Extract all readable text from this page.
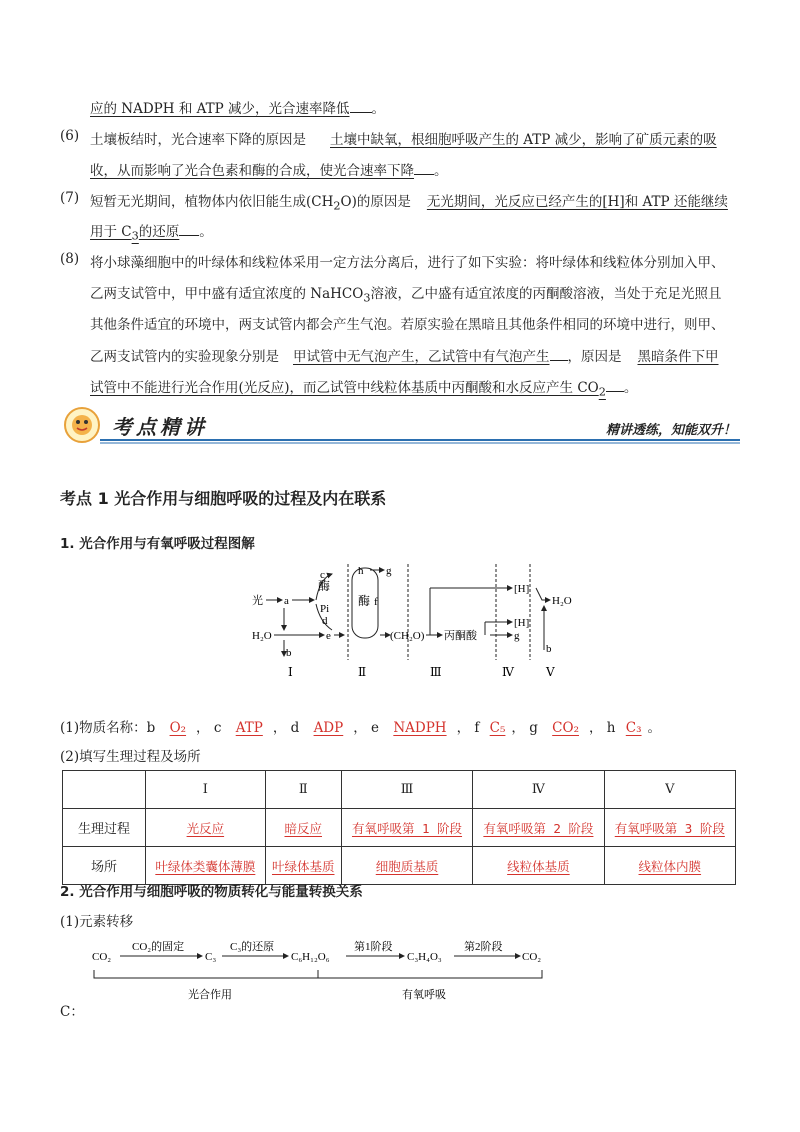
应的 NADPH 和 ATP 减少，光合速率降低 。
(6) 土壤板结时，光合速率下降的原因是 土壤中缺氧，根细胞呼吸产生的 ATP 减少，影响了矿质元素的吸
收，从而影响了光合色素和酶的合成，使光合速率下降 。
(7) 短暂无光期间，植物体内依旧能生成$(CH_2O)$的原因是 无光期间，光反应已经产生的[H]和 ATP 还能继续
用于 $C_3$的还原 。
(8) 将小球藻细胞中的叶绿体和线粒体采用一定方法分离后，进行了如下实验：将叶绿体和线粒体分别加入甲、
乙两支试管中，甲中盛有适宜浓度的 NaHCO$_3$溶液，乙中盛有适宜浓度的丙酮酸溶液，当处于充足光照且
其他条件适宜的环境中，两支试管内都会产生气泡。若原实验在黑暗且其他条件相同的环境中进行，则甲、
乙两支试管内的实验现象分别是 甲试管中无气泡产生，乙试管中有气泡产生 ，原因是 黑暗条件下甲
试管中不能进行光合作用(光反应)，而乙试管中线粒体基质中丙酮酸和水反应产生 $CO_2$ 。
考点精讲	精讲透练，知能双升！
考点 1 光合作用与细胞呼吸的过程及内在联系
1. 光合作用与有氧呼吸过程图解
光 a
c
酶
Pi
d
H₂O	e
b
h g
酶 f
(CH₂O) 丙酮酸
[H]
[H]
g
H₂O
b
Ⅰ	Ⅱ	Ⅲ	Ⅳ	Ⅴ
(1)物质名称：b O₂ ， c ATP ， d ADP ， e NADPH ， f C₅ ， g CO₂ ， h C₃ 。
(2)填写生理过程及场所
	Ⅰ	Ⅱ	Ⅲ	Ⅳ	Ⅴ
生理过程	光反应	暗反应	有氧呼吸第 1 阶段	有氧呼吸第 2 阶段	有氧呼吸第 3 阶段
场所	叶绿体类囊体薄膜	叶绿体基质	细胞质基质	线粒体基质	线粒体内膜
2. 光合作用与细胞呼吸的物质转化与能量转换关系
(1)元素转移
CO₂
CO₂的固定
C₃
C₃的还原
C₆H₁₂O₆
第1阶段
C₃H₄O₃
第2阶段
CO₂
光合作用	有氧呼吸
C：
